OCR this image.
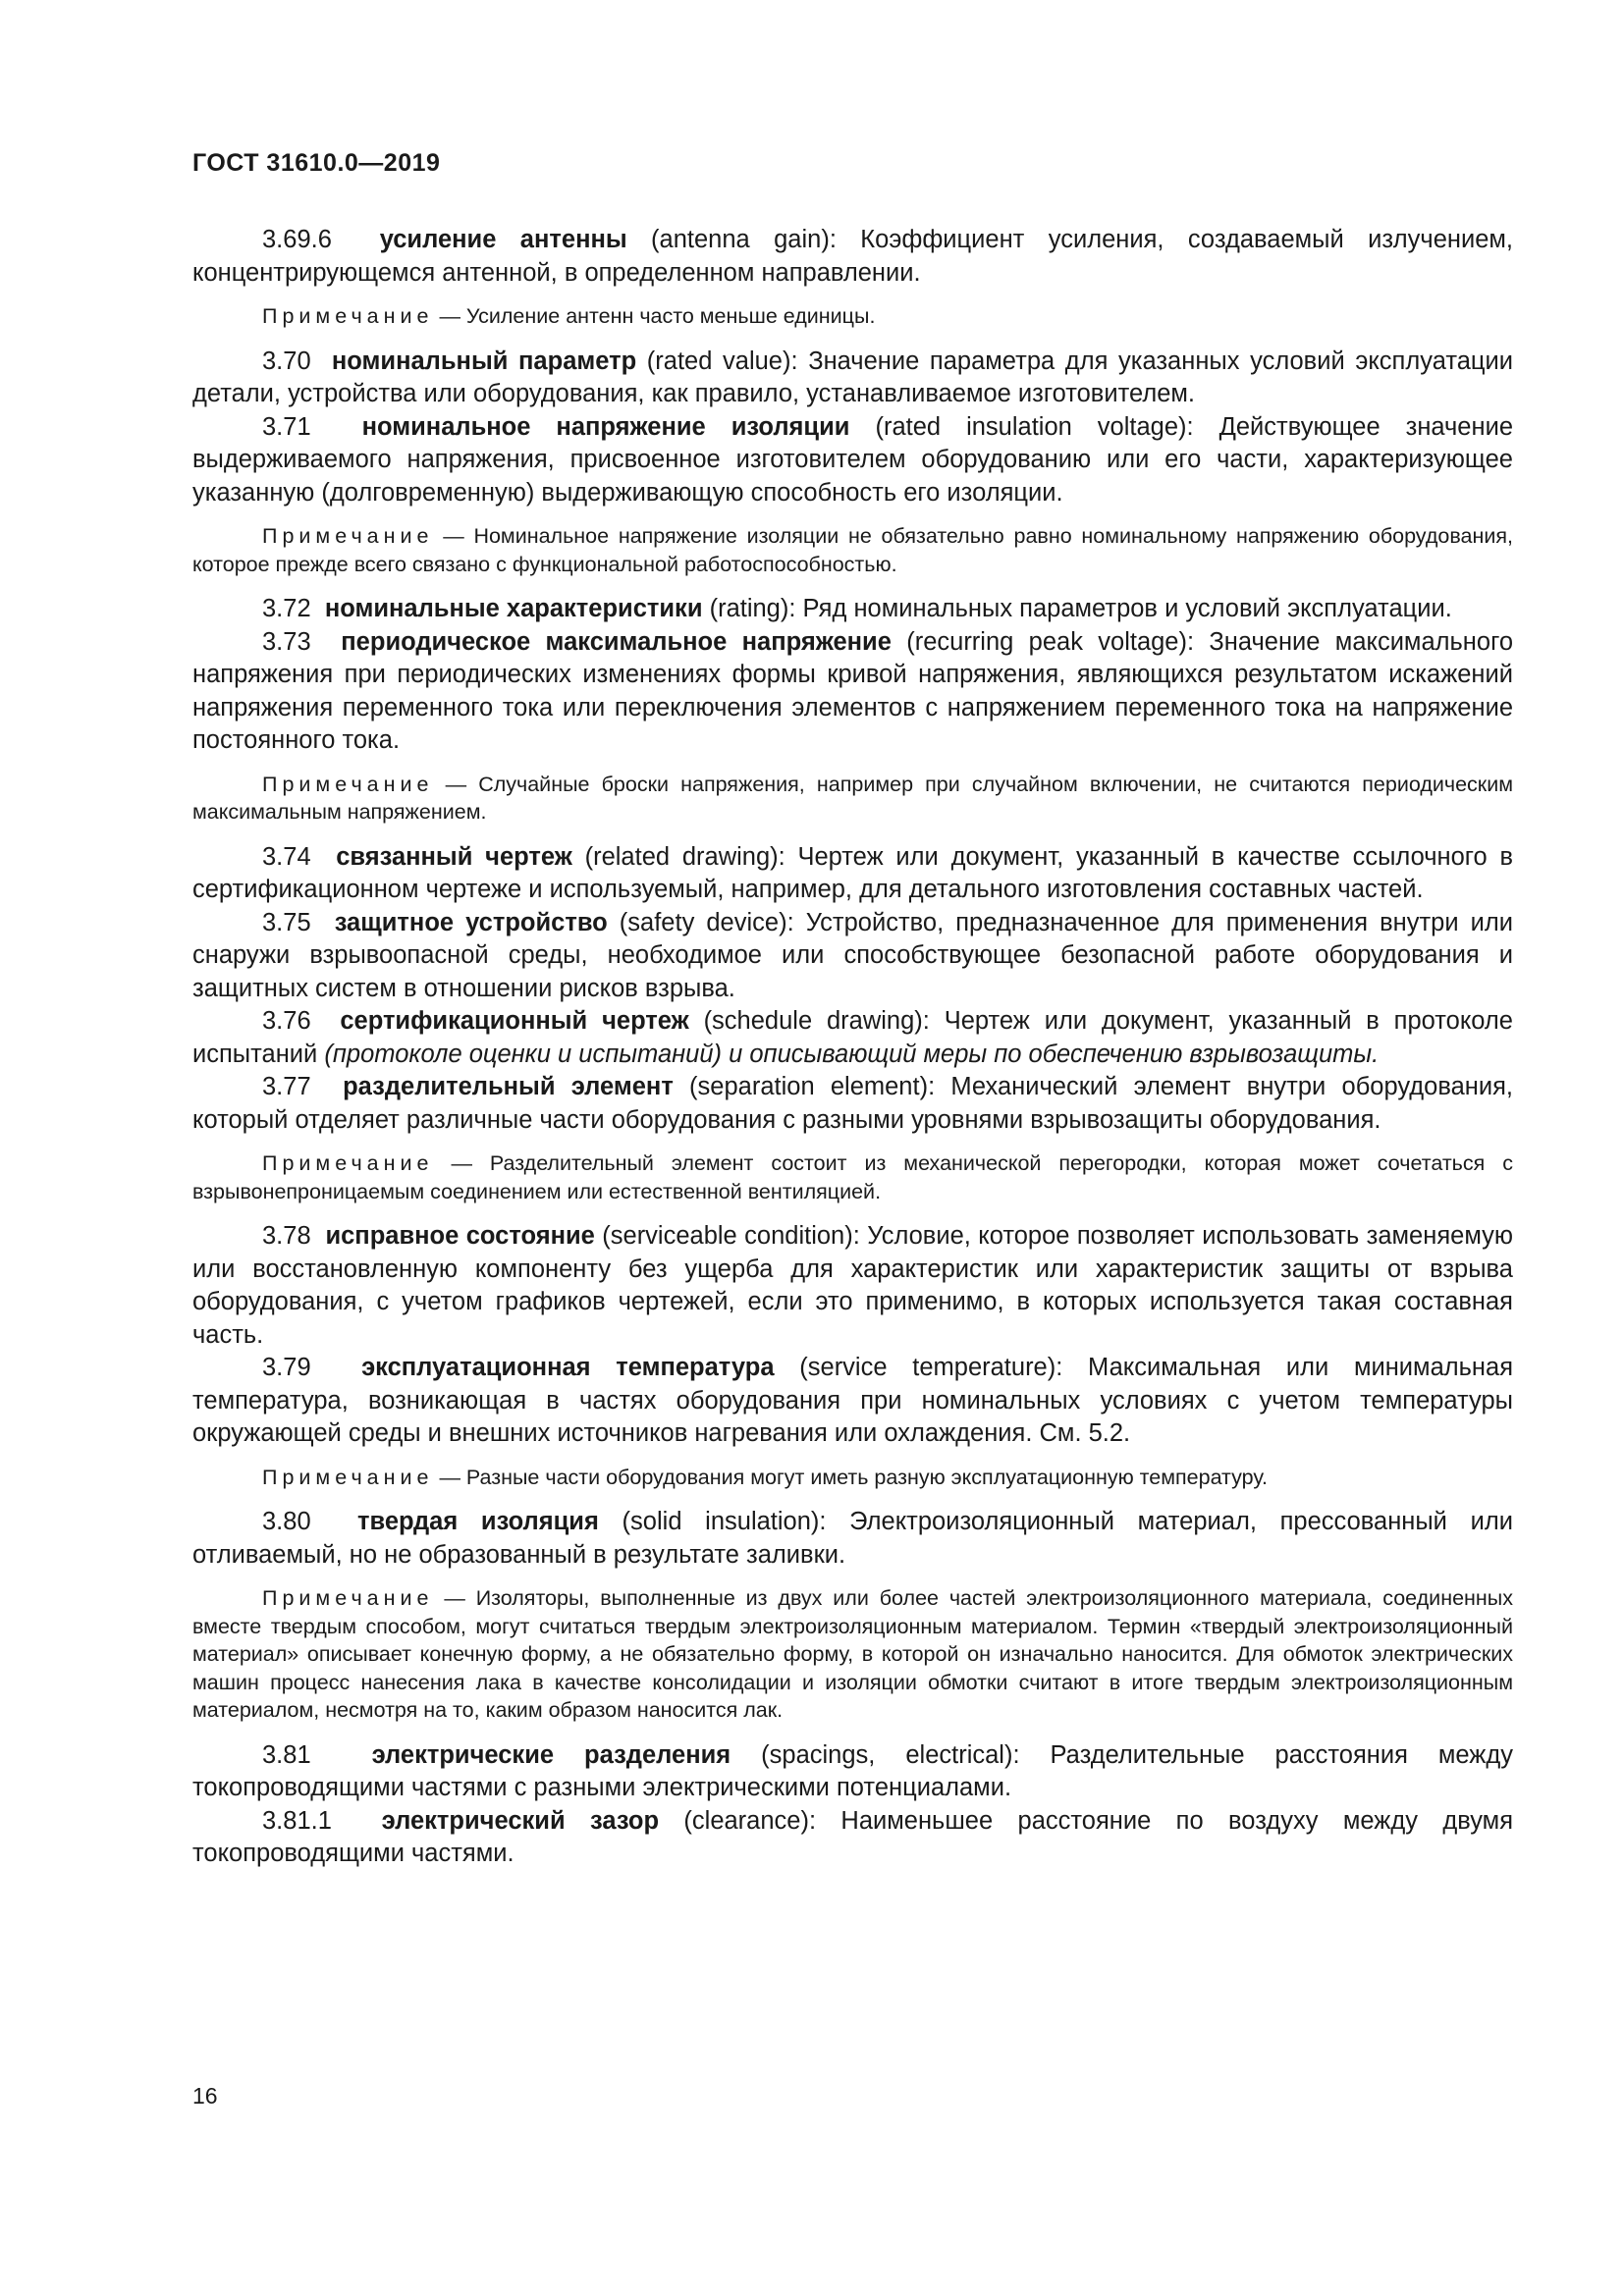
ГОСТ 31610.0—2019

3.69.6 усиление антенны (antenna gain): Коэффициент усиления, создаваемый излучением, концентрирующемся антенной, в определенном направлении.

Примечание — Усиление антенн часто меньше единицы.

3.70 номинальный параметр (rated value): Значение параметра для указанных условий эксплуатации детали, устройства или оборудования, как правило, устанавливаемое изготовителем.

3.71 номинальное напряжение изоляции (rated insulation voltage): Действующее значение выдерживаемого напряжения, присвоенное изготовителем оборудованию или его части, характеризующее указанную (долговременную) выдерживающую способность его изоляции.

Примечание — Номинальное напряжение изоляции не обязательно равно номинальному напряжению оборудования, которое прежде всего связано с функциональной работоспособностью.

3.72 номинальные характеристики (rating): Ряд номинальных параметров и условий эксплуатации.

3.73 периодическое максимальное напряжение (recurring peak voltage): Значение максимального напряжения при периодических изменениях формы кривой напряжения, являющихся результатом искажений напряжения переменного тока или переключения элементов с напряжением переменного тока на напряжение постоянного тока.

Примечание — Случайные броски напряжения, например при случайном включении, не считаются периодическим максимальным напряжением.

3.74 связанный чертеж (related drawing): Чертеж или документ, указанный в качестве ссылочного в сертификационном чертеже и используемый, например, для детального изготовления составных частей.

3.75 защитное устройство (safety device): Устройство, предназначенное для применения внутри или снаружи взрывоопасной среды, необходимое или способствующее безопасной работе оборудования и защитных систем в отношении рисков взрыва.

3.76 сертификационный чертеж (schedule drawing): Чертеж или документ, указанный в протоколе испытаний (протоколе оценки и испытаний) и описывающий меры по обеспечению взрывозащиты.

3.77 разделительный элемент (separation element): Механический элемент внутри оборудования, который отделяет различные части оборудования с разными уровнями взрывозащиты оборудования.

Примечание — Разделительный элемент состоит из механической перегородки, которая может сочетаться с взрывонепроницаемым соединением или естественной вентиляцией.

3.78 исправное состояние (serviceable condition): Условие, которое позволяет использовать заменяемую или восстановленную компоненту без ущерба для характеристик или характеристик защиты от взрыва оборудования, с учетом графиков чертежей, если это применимо, в которых используется такая составная часть.

3.79 эксплуатационная температура (service temperature): Максимальная или минимальная температура, возникающая в частях оборудования при номинальных условиях с учетом температуры окружающей среды и внешних источников нагревания или охлаждения. См. 5.2.

Примечание — Разные части оборудования могут иметь разную эксплуатационную температуру.

3.80 твердая изоляция (solid insulation): Электроизоляционный материал, прессованный или отливаемый, но не образованный в результате заливки.

Примечание — Изоляторы, выполненные из двух или более частей электроизоляционного материала, соединенных вместе твердым способом, могут считаться твердым электроизоляционным материалом. Термин «твердый электроизоляционный материал» описывает конечную форму, а не обязательно форму, в которой он изначально наносится. Для обмоток электрических машин процесс нанесения лака в качестве консолидации и изоляции обмотки считают в итоге твердым электроизоляционным материалом, несмотря на то, каким образом наносится лак.

3.81 электрические разделения (spacings, electrical): Разделительные расстояния между токопроводящими частями с разными электрическими потенциалами.

3.81.1 электрический зазор (clearance): Наименьшее расстояние по воздуху между двумя токопроводящими частями.

16
